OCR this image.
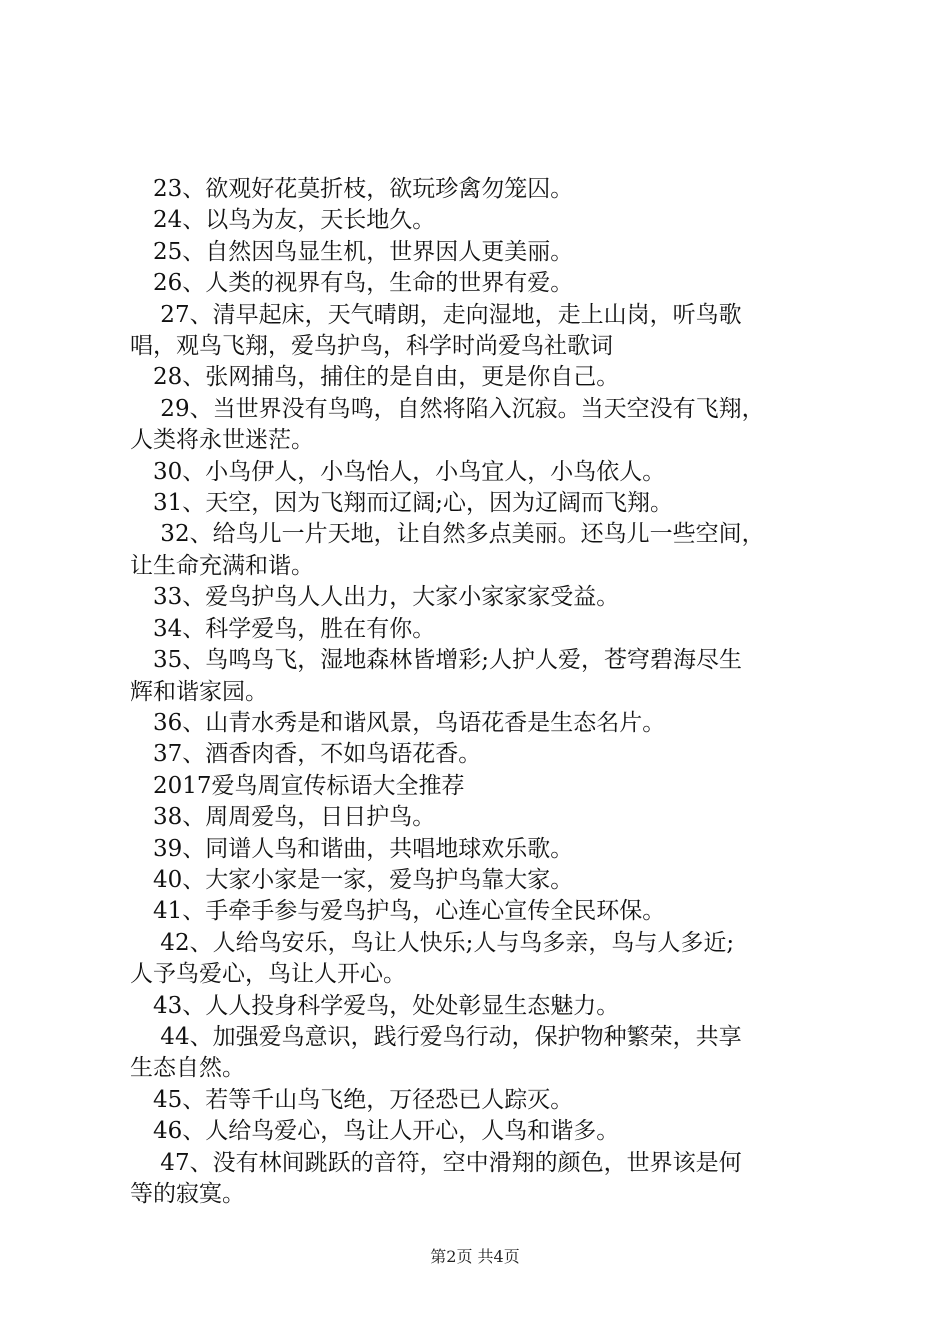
　23、欲观好花莫折枝，欲玩珍禽勿笼囚。

　24、以鸟为友，天长地久。

　25、自然因鸟显生机，世界因人更美丽。

　26、人类的视界有鸟，生命的世界有爱。

　 27、清早起床，天气晴朗，走向湿地，走上山岗，听鸟歌

唱，观鸟飞翔，爱鸟护鸟，科学时尚爱鸟社歌词

　28、张网捕鸟，捕住的是自由，更是你自己。

　 29、当世界没有鸟鸣，自然将陷入沉寂。当天空没有飞翔，

人类将永世迷茫。

　30、小鸟伊人，小鸟怡人，小鸟宜人，小鸟依人。

　31、天空，因为飞翔而辽阔;心，因为辽阔而飞翔。

　 32、给鸟儿一片天地，让自然多点美丽。还鸟儿一些空间，

让生命充满和谐。

　33、爱鸟护鸟人人出力，大家小家家家受益。

　34、科学爱鸟，胜在有你。

　35、鸟鸣鸟飞，湿地森林皆增彩;人护人爱，苍穹碧海尽生

辉和谐家园。

　36、山青水秀是和谐风景，鸟语花香是生态名片。

　37、酒香肉香，不如鸟语花香。

　2017爱鸟周宣传标语大全推荐

　38、周周爱鸟，日日护鸟。

　39、同谱人鸟和谐曲，共唱地球欢乐歌。

　40、大家小家是一家，爱鸟护鸟靠大家。

　41、手牵手参与爱鸟护鸟，心连心宣传全民环保。

　 42、人给鸟安乐，鸟让人快乐;人与鸟多亲，鸟与人多近;

人予鸟爱心，鸟让人开心。

　43、人人投身科学爱鸟，处处彰显生态魅力。

　 44、加强爱鸟意识，践行爱鸟行动，保护物种繁荣，共享

生态自然。

　45、若等千山鸟飞绝，万径恐已人踪灭。

　46、人给鸟爱心，鸟让人开心，人鸟和谐多。

　 47、没有林间跳跃的音符，空中滑翔的颜色，世界该是何

等的寂寞。

第2页 共4页
